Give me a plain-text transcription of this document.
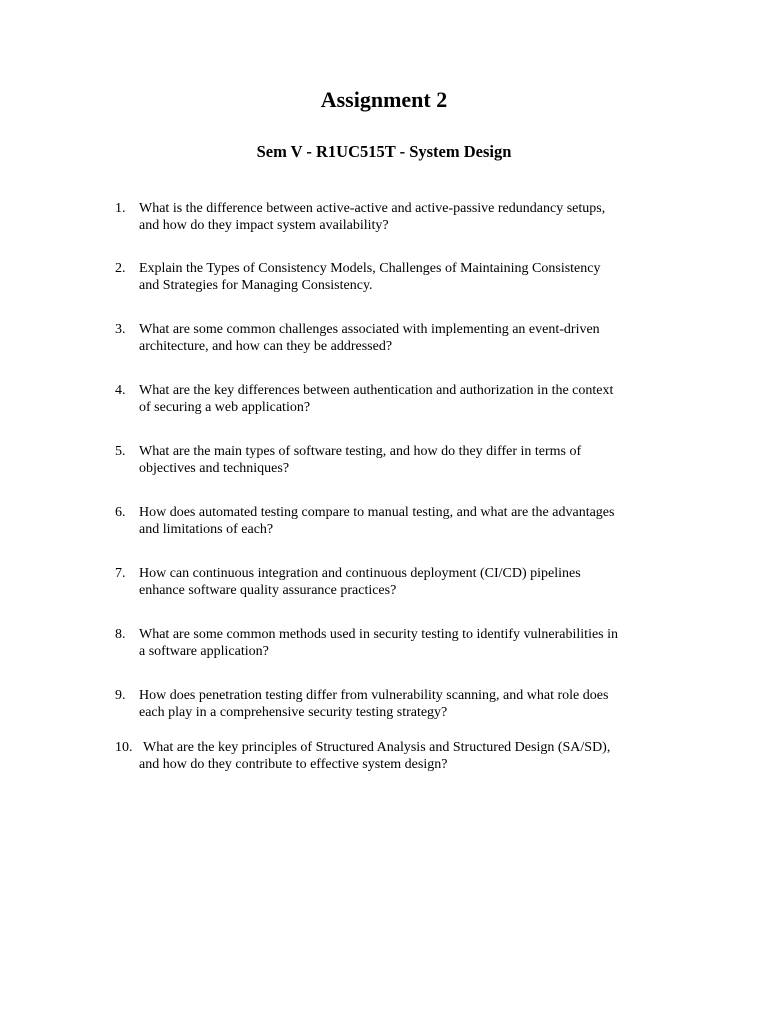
Assignment 2
Sem V - R1UC515T - System Design
1. What is the difference between active-active and active-passive redundancy setups,
and how do they impact system availability?
2. Explain the Types of Consistency Models, Challenges of Maintaining Consistency
and Strategies for Managing Consistency.
3. What are some common challenges associated with implementing an event-driven
architecture, and how can they be addressed?
4. What are the key differences between authentication and authorization in the context
of securing a web application?
5. What are the main types of software testing, and how do they differ in terms of
objectives and techniques?
6. How does automated testing compare to manual testing, and what are the advantages
and limitations of each?
7. How can continuous integration and continuous deployment (CI/CD) pipelines
enhance software quality assurance practices?
8. What are some common methods used in security testing to identify vulnerabilities in
a software application?
9. How does penetration testing differ from vulnerability scanning, and what role does
each play in a comprehensive security testing strategy?
10. What are the key principles of Structured Analysis and Structured Design (SA/SD),
and how do they contribute to effective system design?
